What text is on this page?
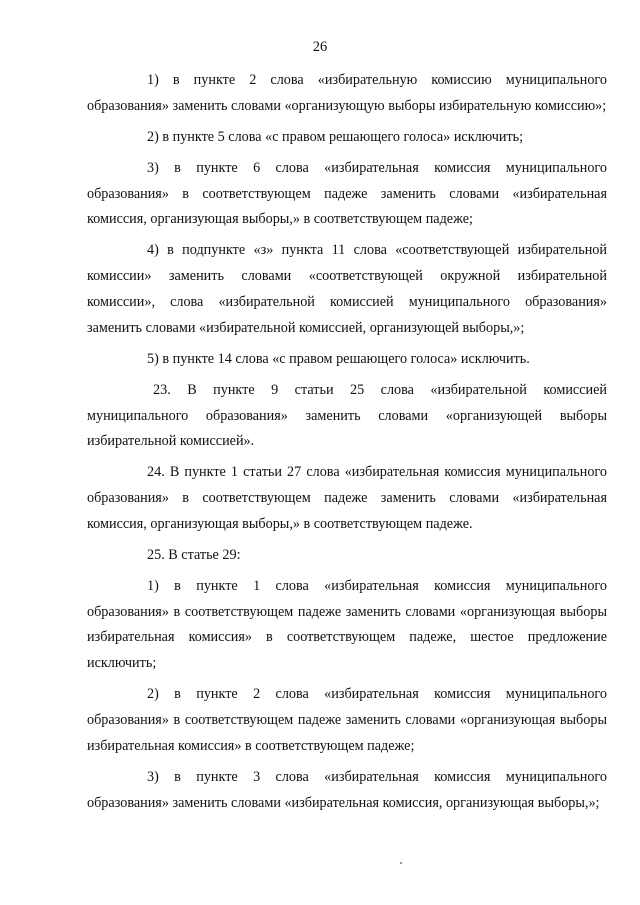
26

1) в пункте 2 слова «избирательную комиссию муниципального образования» заменить словами «организующую выборы избирательную комиссию»;

2) в пункте 5 слова «с правом решающего голоса» исключить;

3) в пункте 6 слова «избирательная комиссия муниципального образования» в соответствующем падеже заменить словами «избирательная комиссия, организующая выборы,» в соответствующем падеже;

4) в подпункте «з» пункта 11 слова «соответствующей избирательной комиссии» заменить словами «соответствующей окружной избирательной комиссии», слова «избирательной комиссией муниципального образования» заменить словами «избирательной комиссией, организующей выборы,»;

5) в пункте 14 слова «с правом решающего голоса» исключить.

23. В пункте 9 статьи 25 слова «избирательной комиссией муниципального образования» заменить словами «организующей выборы избирательной комиссией».

24. В пункте 1 статьи 27 слова «избирательная комиссия муниципального образования» в соответствующем падеже заменить словами «избирательная комиссия, организующая выборы,» в соответствующем падеже.

25. В статье 29:

1) в пункте 1 слова «избирательная комиссия муниципального образования» в соответствующем падеже заменить словами «организующая выборы избирательная комиссия» в соответствующем падеже, шестое предложение исключить;

2) в пункте 2 слова «избирательная комиссия муниципального образования» в соответствующем падеже заменить словами «организующая выборы избирательная комиссия» в соответствующем падеже;

3) в пункте 3 слова «избирательная комиссия муниципального образования» заменить словами «избирательная комиссия, организующая выборы,»;
